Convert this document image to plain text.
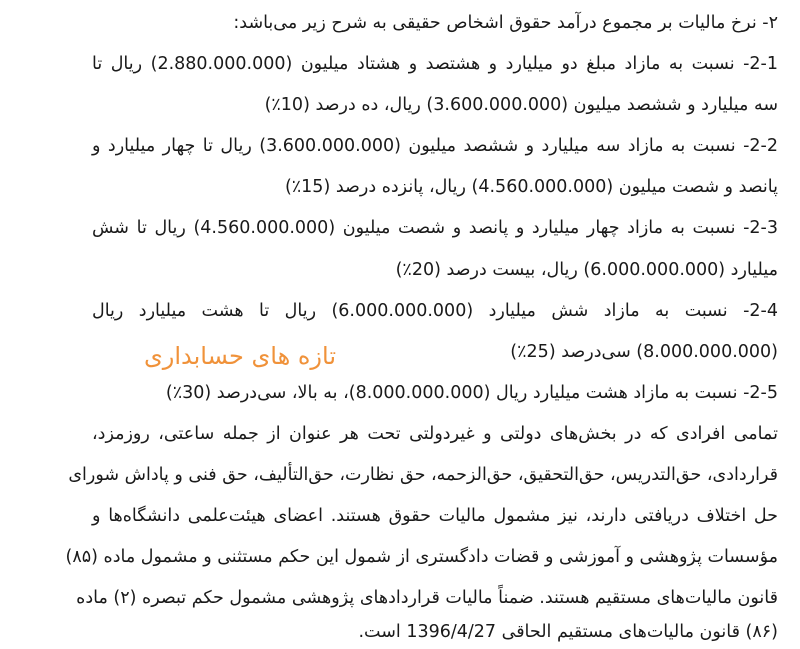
۲- نرخ مالیات بر مجموع درآمد حقوق اشخاص حقیقی به شرح زیر می‌باشد:
2-1- نسبت به مازاد مبلغ دو میلیارد و هشتصد و هشتاد میلیون (2.880.000.000) ریال تا
سه میلیارد و ششصد میلیون (3.600.000.000) ریال، ده درصد (10٪)
2-2- نسبت به مازاد سه میلیارد و ششصد میلیون (3.600.000.000) ریال تا چهار میلیارد و
پانصد و شصت میلیون (4.560.000.000) ریال، پانزده درصد (15٪)
2-3- نسبت به مازاد چهار میلیارد و پانصد و شصت میلیون (4.560.000.000) ریال تا شش
میلیارد (6.000.000.000) ریال، بیست درصد (20٪)
2-4- نسبت به مازاد شش میلیارد (6.000.000.000) ریال تا هشت میلیارد ریال
(8.000.000.000) سی‌درصد (25٪)
2-5- نسبت به مازاد هشت میلیارد ریال (8.000.000.000)، به بالا، سی‌درصد (30٪)
تمامی افرادی که در بخش‌های دولتی و غیردولتی تحت هر عنوان از جمله ساعتی، روزمزد،
قراردادی، حق‌التدریس، حق‌التحقیق، حق‌الزحمه، حق نظارت، حق‌التألیف، حق فنی و پاداش شورای
حل اختلاف دریافتی دارند، نیز مشمول مالیات حقوق هستند. اعضای هیئت‌علمی دانشگاه‌ها و
مؤسسات پژوهشی و آموزشی و قضات دادگستری از شمول این حکم مستثنی و مشمول ماده (۸۵)
قانون مالیات‌های مستقیم هستند. ضمناً مالیات قراردادهای پژوهشی مشمول حکم تبصره (۲) ماده
(۸۶) قانون مالیات‌های مستقیم الحاقی 1396/4/27 است.
تازه های حسابداری
